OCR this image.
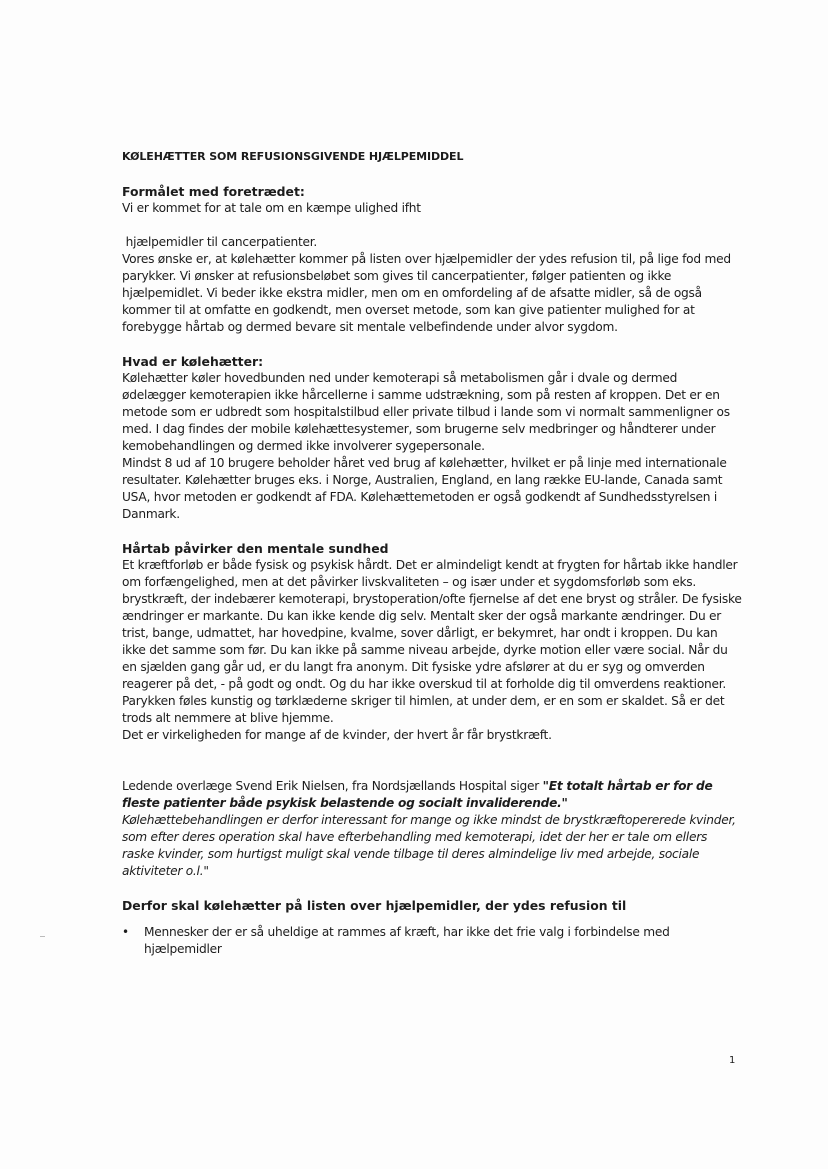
KØLEHÆTTER SOM REFUSIONSGIVENDE HJÆLPEMIDDEL

Formålet med foretrædet:

Vi er kommet for at tale om en kæmpe ulighed ifht

hjælpemidler til cancerpatienter.

Vores ønske er, at kølehætter kommer på listen over hjælpemidler der ydes refusion til, på lige fod med parykker. Vi ønsker at refusionsbeløbet som gives til cancerpatienter, følger patienten og ikke hjælpemidlet. Vi beder ikke ekstra midler, men om en omfordeling af de afsatte midler, så de også kommer til at omfatte en godkendt, men overset metode, som kan give patienter mulighed for at forebygge hårtab og dermed bevare sit mentale velbefindende under alvor sygdom.

Hvad er kølehætter:

Kølehætter køler hovedbunden ned under kemoterapi så metabolismen går i dvale og dermed ødelægger kemoterapien ikke hårcellerne i samme udstrækning, som på resten af kroppen. Det er en metode som er udbredt som hospitalstilbud eller private tilbud i lande som vi normalt sammenligner os med. I dag findes der mobile kølehættesystemer, som brugerne selv medbringer og håndterer under kemobehandlingen og dermed ikke involverer sygepersonale.

Mindst 8 ud af 10 brugere beholder håret ved brug af kølehætter, hvilket er på linje med internationale resultater. Kølehætter bruges eks. i Norge, Australien, England, en lang række EU-lande, Canada samt USA, hvor metoden er godkendt af FDA. Kølehættemetoden er også godkendt af Sundhedsstyrelsen i Danmark.

Hårtab påvirker den mentale sundhed

Et kræftforløb er både fysisk og psykisk hårdt. Det er almindeligt kendt at frygten for hårtab ikke handler om forfængelighed, men at det påvirker livskvaliteten – og især under et sygdomsforløb som eks. brystkræft, der indebærer kemoterapi, brystoperation/ofte fjernelse af det ene bryst og stråler. De fysiske ændringer er markante. Du kan ikke kende dig selv. Mentalt sker der også markante ændringer. Du er trist, bange, udmattet, har hovedpine, kvalme, sover dårligt, er bekymret, har ondt i kroppen. Du kan ikke det samme som før. Du kan ikke på samme niveau arbejde, dyrke motion eller være social. Når du en sjælden gang går ud, er du langt fra anonym. Dit fysiske ydre afslører at du er syg og omverden reagerer på det, - på godt og ondt. Og du har ikke overskud til at forholde dig til omverdens reaktioner. Parykken føles kunstig og tørklæderne skriger til himlen, at under dem, er en som er skaldet. Så er det trods alt nemmere at blive hjemme.

Det er virkeligheden for mange af de kvinder, der hvert år får brystkræft.

Ledende overlæge Svend Erik Nielsen, fra Nordsjællands Hospital siger "Et totalt hårtab er for de fleste patienter både psykisk belastende og socialt invaliderende."

Kølehættebehandlingen er derfor interessant for mange og ikke mindst de brystkræftopererede kvinder, som efter deres operation skal have efterbehandling med kemoterapi, idet der her er tale om ellers raske kvinder, som hurtigst muligt skal vende tilbage til deres almindelige liv med arbejde, sociale aktiviteter o.l."

Derfor skal kølehætter på listen over hjælpemidler, der ydes refusion til

• Mennesker der er så uheldige at rammes af kræft, har ikke det frie valg i forbindelse med hjælpemidler
1
